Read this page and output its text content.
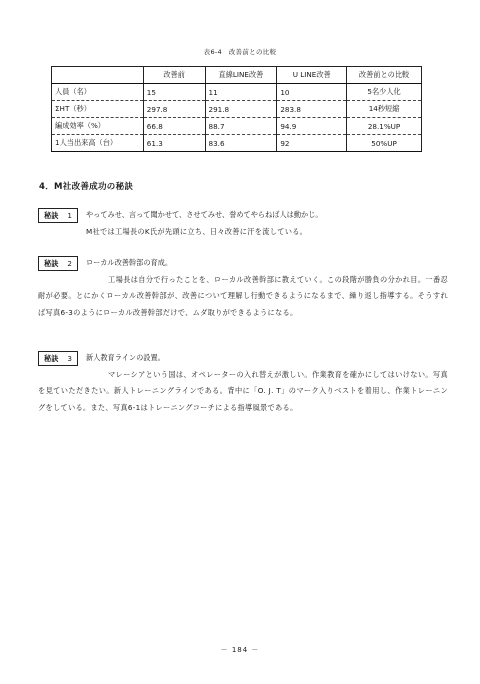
表6-4　改善前との比較
	改善前	直線LINE改善	U LINE改善	改善前との比較
人員（名）	15	11	10	5名少人化
ΣHT（秒）	297.8	291.8	283.8	14秒短縮
編成効率（%）	66.8	88.7	94.9	28.1%UP
1人当出来高（台）	61.3	83.6	92	50%UP
4．M社改善成功の秘訣
秘訣 1	やってみせ、言って聞かせて、させてみせ、誉めてやらねば人は動かじ。

M社では工場長のK氏が先頭に立ち、日々改善に汗を流している。

秘訣 2	ローカル改善幹部の育成。

工場長は自分で行ったことを、ローカル改善幹部に教えていく。この段階が勝負の分かれ目。一番忍耐が必要。とにかくローカル改善幹部が、改善について理解し行動できるようになるまで、繰り返し指導する。そうすれば写真6-3のようにローカル改善幹部だけで、ムダ取りができるようになる。

秘訣 3	新人教育ラインの設置。

マレーシアという国は、オペレーターの入れ替えが激しい。作業教育を確かにしてはいけない。写真を見ていただきたい。新人トレーニングラインである。背中に「O. J. T」のマーク入りベストを着用し、作業トレーニングをしている。また、写真6-1はトレーニングコーチによる指導風景である。

－ 184 －
